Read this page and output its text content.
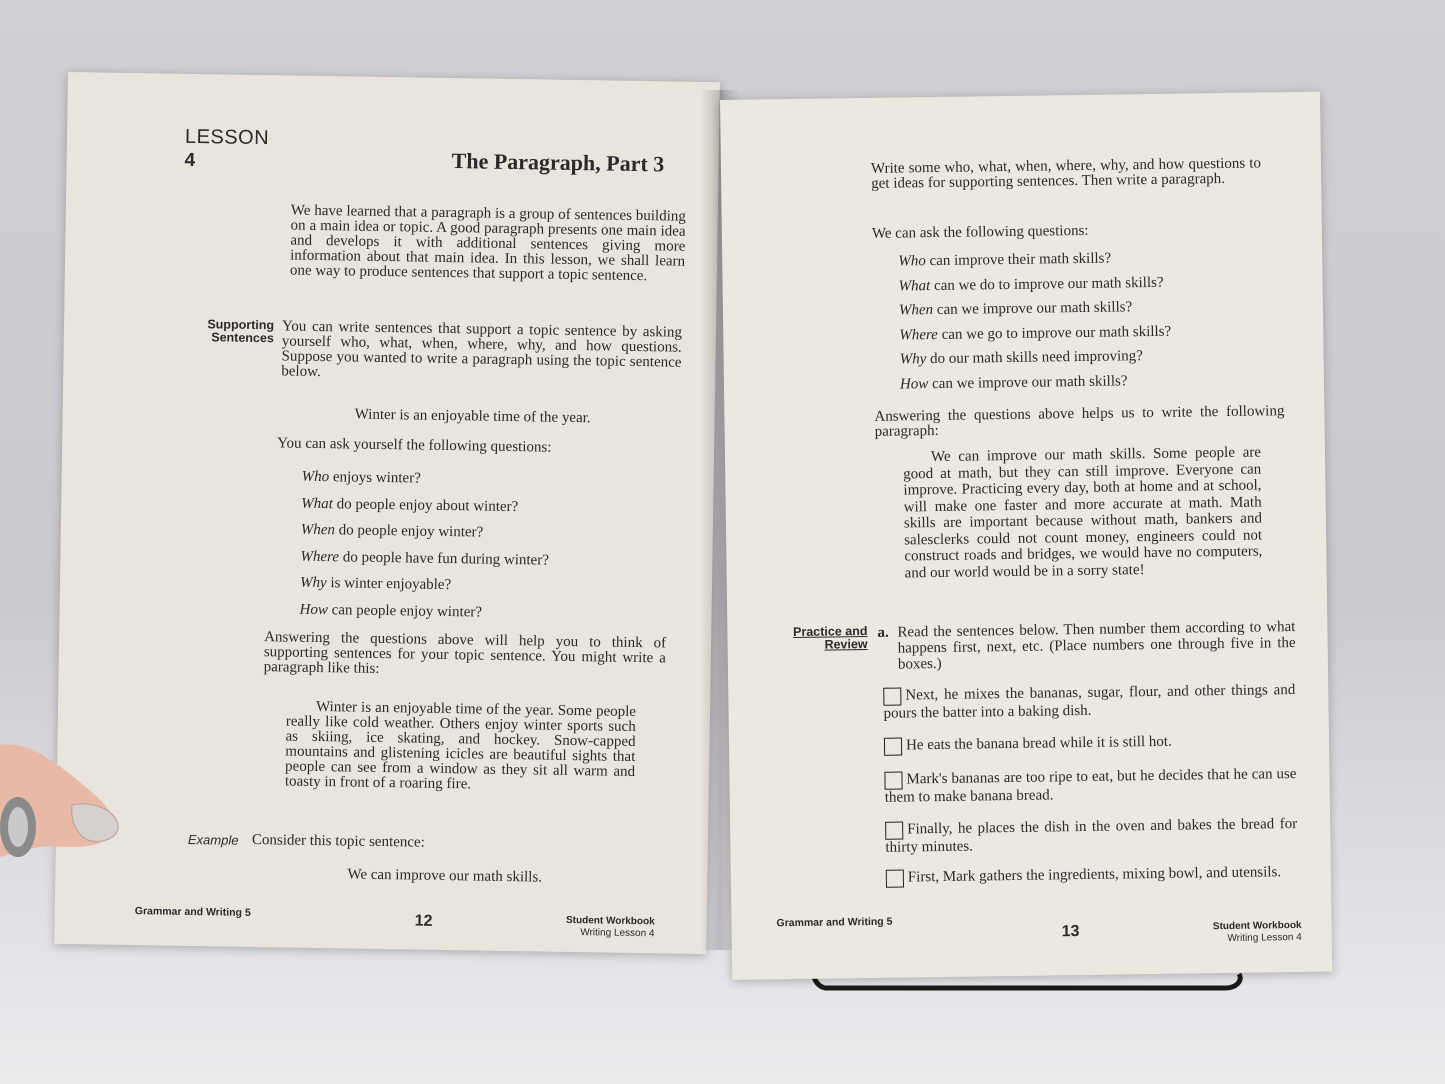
LESSON
4	The Paragraph, Part 3
We have learned that a paragraph is a group of sentences building on a main idea or topic. A good paragraph presents one main idea and develops it with additional sentences giving more information about that main idea. In this lesson, we shall learn one way to produce sentences that support a topic sentence.
Supporting
Sentences You can write sentences that support a topic sentence by asking yourself who, what, when, where, why, and how questions. Suppose you wanted to write a paragraph using the topic sentence below.
Winter is an enjoyable time of the year.
You can ask yourself the following questions:
Who enjoys winter?
What do people enjoy about winter?
When do people enjoy winter?
Where do people have fun during winter?
Why is winter enjoyable?
How can people enjoy winter?
Answering the questions above will help you to think of supporting sentences for your topic sentence. You might write a paragraph like this:
Winter is an enjoyable time of the year. Some people really like cold weather. Others enjoy winter sports such as skiing, ice skating, and hockey. Snow-capped mountains and glistening icicles are beautiful sights that people can see from a window as they sit all warm and toasty in front of a roaring fire.
Example Consider this topic sentence:
We can improve our math skills.
Grammar and Writing 5
12	Student Workbook
Writing Lesson 4
Write some who, what, when, where, why, and how questions to get ideas for supporting sentences. Then write a paragraph.
We can ask the following questions:
Who can improve their math skills?
What can we do to improve our math skills?
When can we improve our math skills?
Where can we go to improve our math skills?
Why do our math skills need improving?
How can we improve our math skills?
Answering the questions above helps us to write the following paragraph:
We can improve our math skills. Some people are good at math, but they can still improve. Everyone can improve. Practicing every day, both at home and at school, will make one faster and more accurate at math. Math skills are important because without math, bankers and salesclerks could not count money, engineers could not construct roads and bridges, we would have no computers, and our world would be in a sorry state!
Practice and
Review
a. Read the sentences below. Then number them according to what happens first, next, etc. (Place numbers one through five in the boxes.)
Next, he mixes the bananas, sugar, flour, and other things and pours the batter into a baking dish.
He eats the banana bread while it is still hot.
Mark's bananas are too ripe to eat, but he decides that he can use them to make banana bread.
Finally, he places the dish in the oven and bakes the bread for thirty minutes.
First, Mark gathers the ingredients, mixing bowl, and utensils.
Grammar and Writing 5
13	Student Workbook
Writing Lesson 4
